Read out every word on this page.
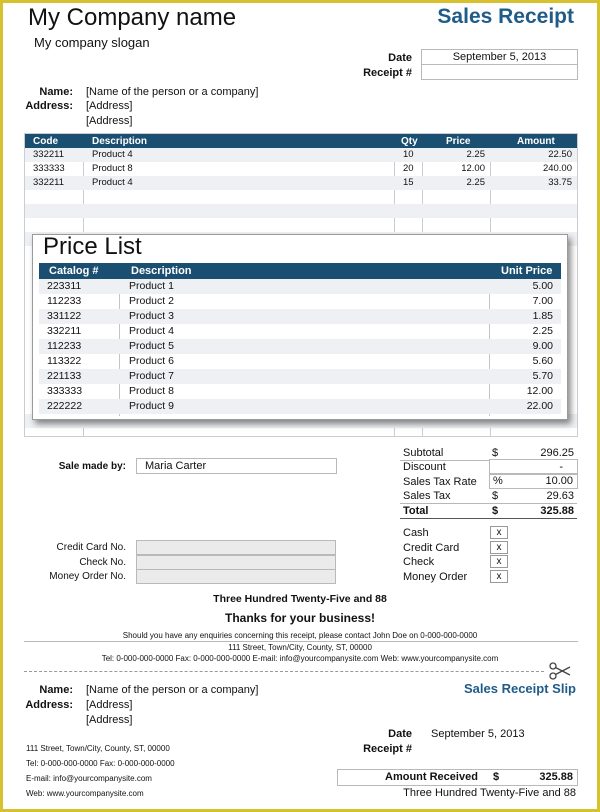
My Company name
My company slogan
Sales Receipt
Date	September 5, 2013
Receipt #
Name: [Name of the person or a company]
Address: [Address]
[Address]
Code	Description	Qty	Price	Amount
332211	Product 4	10	2.25	22.50
333333	Product 8	20	12.00	240.00
332211	Product 4	15	2.25	33.75
Price List
Catalog #	Description	Unit Price
223311	Product 1	5.00
112233	Product 2	7.00
331122	Product 3	1.85
332211	Product 4	2.25
112233	Product 5	9.00
113322	Product 6	5.60
221133	Product 7	5.70
333333	Product 8	12.00
222222	Product 9	22.00
Sale made by:	Maria Carter
Subtotal	$	296.25
Discount	-
Sales Tax Rate %	10.00
Sales Tax	$	29.63
Total	$	325.88
Credit Card No.
Check No.
Money Order No.
Cash	x
Credit Card	x
Check	x
Money Order	x
Three Hundred Twenty-Five and 88
Thanks for your business!
Should you have any enquiries concerning this receipt, please contact John Doe on 0-000-000-0000
111 Street, Town/City, County, ST, 00000
Tel: 0-000-000-0000 Fax: 0-000-000-0000 E-mail: info@yourcompanysite.com Web: www.yourcompanysite.com
Sales Receipt Slip
Name: [Name of the person or a company]
Address: [Address]
[Address]
Date September 5, 2013
Receipt #
111 Street, Town/City, County, ST, 00000
Tel: 0-000-000-0000 Fax: 0-000-000-0000
E-mail: info@yourcompanysite.com
Web: www.yourcompanysite.com
Amount Received $	325.88
Three Hundred Twenty-Five and 88
